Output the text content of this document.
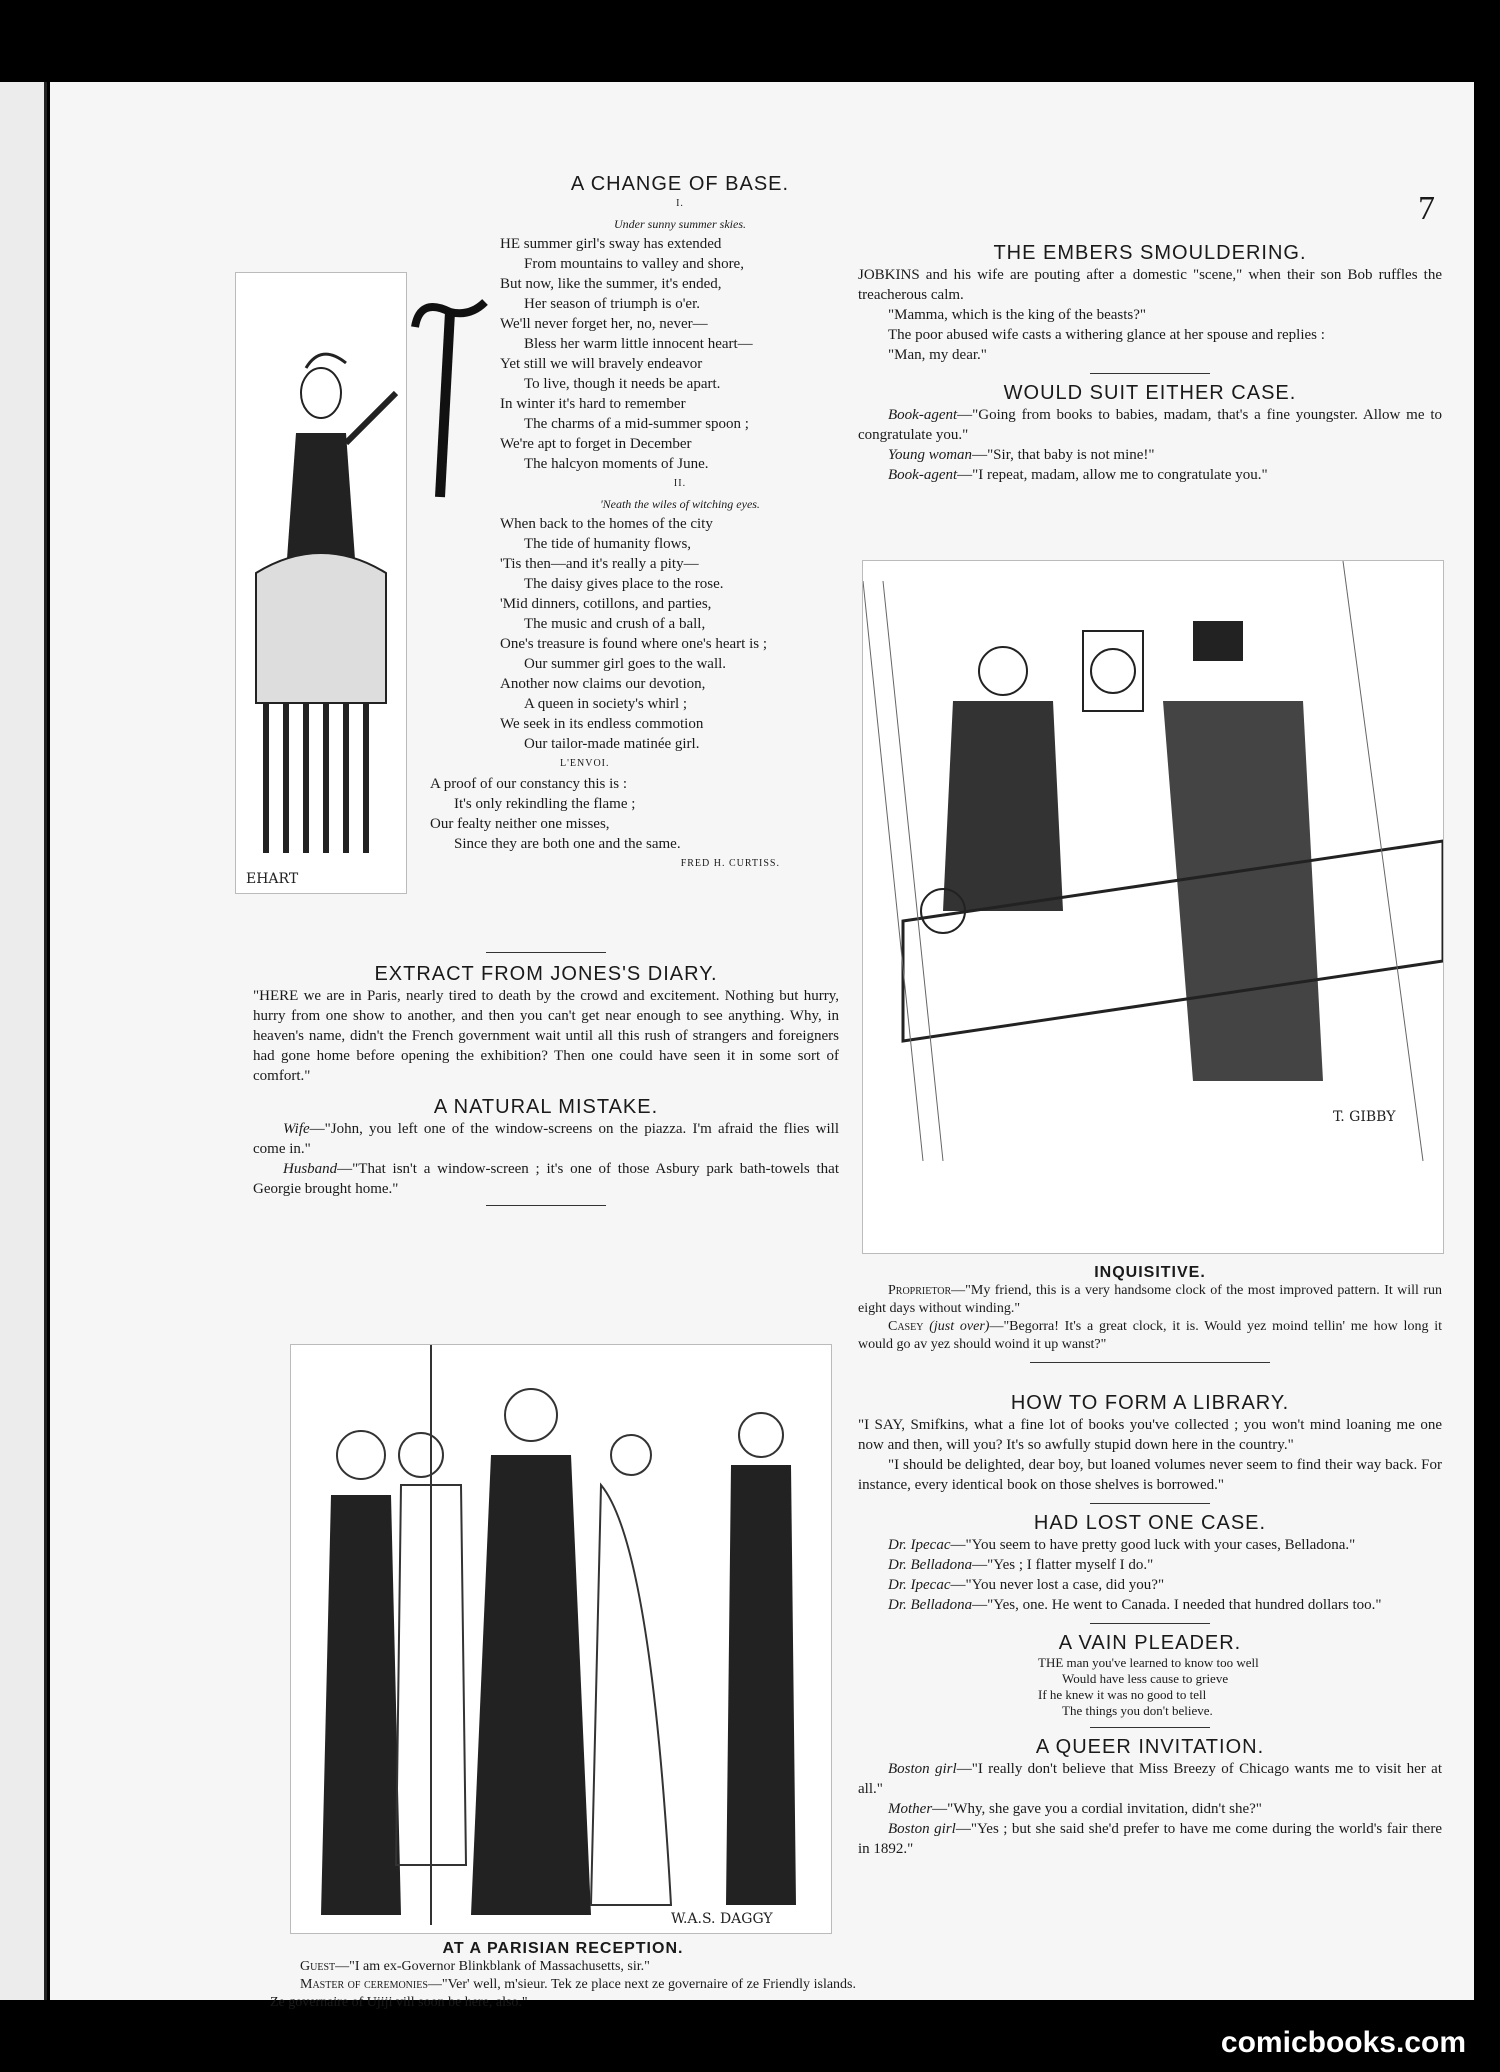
7
EHART
A CHANGE OF BASE.
I.
Under sunny summer skies.
HE summer girl's sway has extended
From mountains to valley and shore,
But now, like the summer, it's ended,
Her season of triumph is o'er.
We'll never forget her, no, never—
Bless her warm little innocent heart—
Yet still we will bravely endeavor
To live, though it needs be apart.
In winter it's hard to remember
The charms of a mid-summer spoon ;
We're apt to forget in December
The halcyon moments of June.
II.
'Neath the wiles of witching eyes.
When back to the homes of the city
The tide of humanity flows,
'Tis then—and it's really a pity—
The daisy gives place to the rose.
'Mid dinners, cotillons, and parties,
The music and crush of a ball,
One's treasure is found where one's heart is ;
Our summer girl goes to the wall.
Another now claims our devotion,
A queen in society's whirl ;
We seek in its endless commotion
Our tailor-made matinée girl.
L'ENVOI.
A proof of our constancy this is :
It's only rekindling the flame ;
Our fealty neither one misses,
Since they are both one and the same.
FRED H. CURTISS.
EXTRACT FROM JONES'S DIARY.
"HERE we are in Paris, nearly tired to death by the crowd and excitement. Nothing but hurry, hurry from one show to another, and then you can't get near enough to see anything. Why, in heaven's name, didn't the French government wait until all this rush of strangers and foreigners had gone home before opening the exhibition? Then one could have seen it in some sort of comfort."
A NATURAL MISTAKE.
Wife—"John, you left one of the window-screens on the piazza. I'm afraid the flies will come in."
Husband—"That isn't a window-screen ; it's one of those Asbury park bath-towels that Georgie brought home."
W.A.S. DAGGY
AT A PARISIAN RECEPTION.
Guest—"I am ex-Governor Blinkblank of Massachusetts, sir."
Master of ceremonies—"Ver' well, m'sieur. Tek ze place next ze governaire of ze Friendly islands. Ze governaire of Ujiji vill soon be here, also."
THE EMBERS SMOULDERING.
JOBKINS and his wife are pouting after a domestic "scene," when their son Bob ruffles the treacherous calm.
"Mamma, which is the king of the beasts?"
The poor abused wife casts a withering glance at her spouse and replies :
"Man, my dear."
WOULD SUIT EITHER CASE.
Book-agent—"Going from books to babies, madam, that's a fine youngster. Allow me to congratulate you."
Young woman—"Sir, that baby is not mine!"
Book-agent—"I repeat, madam, allow me to congratulate you."
T. GIBBY
INQUISITIVE.
Proprietor—"My friend, this is a very handsome clock of the most improved pattern. It will run eight days without winding."
Casey (just over)—"Begorra! It's a great clock, it is. Would yez moind tellin' me how long it would go av yez should woind it up wanst?"
HOW TO FORM A LIBRARY.
"I SAY, Smifkins, what a fine lot of books you've collected ; you won't mind loaning me one now and then, will you? It's so awfully stupid down here in the country."
"I should be delighted, dear boy, but loaned volumes never seem to find their way back. For instance, every identical book on those shelves is borrowed."
HAD LOST ONE CASE.
Dr. Ipecac—"You seem to have pretty good luck with your cases, Belladona."
Dr. Belladona—"Yes ; I flatter myself I do."
Dr. Ipecac—"You never lost a case, did you?"
Dr. Belladona—"Yes, one. He went to Canada. I needed that hundred dollars too."
A VAIN PLEADER.
THE man you've learned to know too well
Would have less cause to grieve
If he knew it was no good to tell
The things you don't believe.
A QUEER INVITATION.
Boston girl—"I really don't believe that Miss Breezy of Chicago wants me to visit her at all."
Mother—"Why, she gave you a cordial invitation, didn't she?"
Boston girl—"Yes ; but she said she'd prefer to have me come during the world's fair there in 1892."
comicbooks.com
